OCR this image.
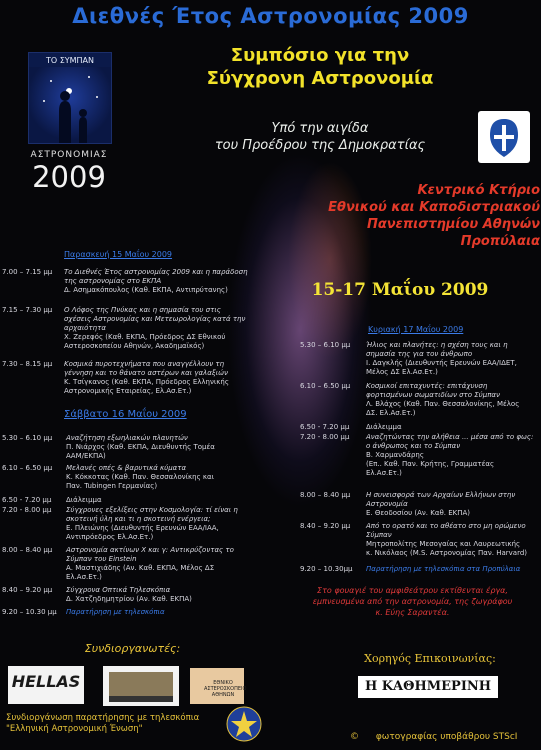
Διεθνές Έτος Αστρονομίας 2009
ΤΟ ΣΥΜΠΑΝ
ΑΣΤΡΟΝΟΜΙΑΣ
2009
Συμπόσιο για την
Σύγχρονη Αστρονομία
Υπό την αιγίδα
του Προέδρου της Δημοκρατίας
Κεντρικό Κτήριο
Εθνικού και Καποδιστριακού
Πανεπιστημίου Αθηνών
Προπύλαια
15-17 Μαΐου 2009
Παρασκευή 15 Μαΐου 2009
7.00 – 7.15 μμ Το Διεθνές Έτος αστρονομίας 2009 και η παράδοση
της αστρονομίας στο ΕΚΠΑ
Δ. Ασημακόπουλος (Καθ. ΕΚΠΑ, Αντιπρύτανης)
7.15 – 7.30 μμ Ο Λόφος της Πνύκας και η σημασία του στις
σχέσεις Αστρονομίας και Μετεωρολογίας κατά την
αρχαιότητα
Χ. Ζερεφός (Καθ. ΕΚΠΑ, Πρόεδρος ΔΣ Εθνικού
Αστεροσκοπείου Αθηνών, Ακαδημαϊκός)
7.30 – 8.15 μμ Κοσμικά πυροτεχνήματα που αναγγέλλουν τη
γέννηση και το θάνατο αστέρων και γαλαξιών
Κ. Τσίγκανος (Καθ. ΕΚΠΑ, Πρόεδρος Ελληνικής
Αστρονομικής Εταιρείας, Ελ.Ασ.Ετ.)
Σάββατο 16 Μαΐου 2009
5.30 – 6.10 μμ Αναζήτηση εξωηλιακών πλανητών
Π. Νιάρχος (Καθ. ΕΚΠΑ, Διευθυντής Τομέα
ΑΑΜ/ΕΚΠΑ)
6.10 – 6.50 μμ Μελανές οπές & βαρυτικά κύματα
Κ. Κόκκοτας (Καθ. Παν. Θεσσαλονίκης και
Παν. Tubingen Γερμανίας)
6.50 - 7.20 μμ Διάλειμμα
7.20 - 8.00 μμ Σύγχρονες εξελίξεις στην Κοσμολογία: τί είναι η
σκοτεινή ύλη και τι η σκοτεινή ενέργεια;
Ε. Πλειώνης (Διευθυντής Ερευνών ΕΑΑ/ΙΑΑ,
Αντιπρόεδρος Ελ.Ασ.Ετ.)
8.00 – 8.40 μμ Αστρονομία ακτίνων Χ και γ: Αντικρύζοντας το
Σύμπαν του Einstein
Α. Μαστιχιάδης (Αν. Καθ. ΕΚΠΑ, Μέλος ΔΣ
Ελ.Ασ.Ετ.)
8.40 – 9.20 μμ Σύγχρονα Οπτικά Τηλεσκόπια
Δ. Χατζηδημητρίου (Αν. Καθ. ΕΚΠΑ)
9.20 – 10.30 μμ Παρατήρηση με τηλεσκόπια
Κυριακή 17 Μαΐου 2009
5.30 – 6.10 μμ Ήλιος και πλανήτες: η σχέση τους και η
σημασία της για τον άνθρωπο
Ι. Δαγκλής (Διευθυντής Ερευνών ΕΑΑ/ΙΔΕΤ,
Μέλος ΔΣ Ελ.Ασ.Ετ.)
6.10 – 6.50 μμ Κοσμικοί επιταχυντές: επιτάχυνση
φορτισμένων σωματιδίων στο Σύμπαν
Λ. Βλάχος (Καθ. Παν. Θεσσαλονίκης, Μέλος
ΔΣ. Ελ.Ασ.Ετ.)
6.50 - 7.20 μμ Διάλειμμα
7.20 - 8.00 μμ Αναζητώντας την αλήθεια ... μέσα από το φως:
ο άνθρωπος και το Σύμπαν
Β. Χαρμανδάρης
(Επ.. Καθ. Παν. Κρήτης, Γραμματέας
Ελ.Ασ.Ετ.)
8.00 – 8.40 μμ Η συνεισφορά των Αρχαίων Ελλήνων στην
Αστρονομία
Ε. Θεοδοσίου (Αν. Καθ. ΕΚΠΑ)
8.40 – 9.20 μμ Από το ορατό και το αθέατο στο μη ορώμενο
Σύμπαν
Μητροπολίτης Μεσογαίας και Λαυρεωτικής
κ. Νικόλαος (M.S. Αστρονομίας Παν. Harvard)
9.20 – 10.30μμ Παρατήρηση με τηλεσκόπια στα Προπύλαια
Στο φουαγιέ του αμφιθεάτρου εκτίθενται έργα,
εμπνευσμένα από την αστρονομία, της ζωγράφου
κ. Εύης Σαραντέα.
Συνδιοργανωτές:
Χορηγός Επικοινωνίας:
Η ΚΑΘΗΜΕΡΙΝΗ
HELLAS	ΕΘΝΙΚΟ ΑΣΤΕΡΟΣΚΟΠΕΙΟ ΑΘΗΝΩΝ
Συνδιοργάνωση παρατήρησης με τηλεσκόπια
"Ελληνική Αστρονομική Ένωση"
© φωτογραφίας υποβάθρου STScI
